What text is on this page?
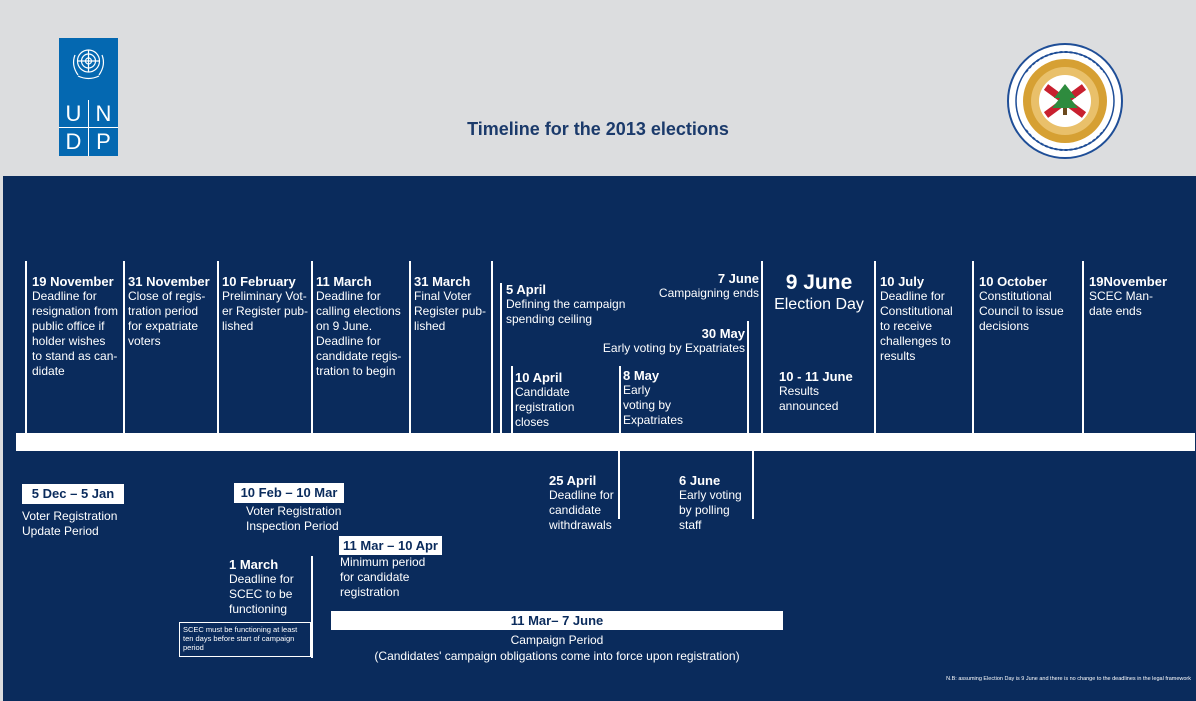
U N
D P	Timeline for the 2013 elections
19 November
Deadline for
resignation from
public office if
holder wishes
to stand as can-
didate
31 November
Close of regis-
tration period
for expatriate
voters
10 February
Preliminary Vot-
er Register pub-
lished
11 March
Deadline for
calling elections
on 9 June.
Deadline for
candidate regis-
tration to begin
31 March
Final Voter
Register pub-
lished
5 April
Defining the campaign
spending ceiling
10 April
Candidate
registration
closes
8 May
Early
voting by
Expatriates
30 May
Early voting by Expatriates
7 June
Campaigning ends	9 June
Election Day
10 - 11 June
Results
announced
10 July
Deadline for
Constitutional
to receive
challenges to
results
10 October
Constitutional
Council to issue
decisions
19November
SCEC Man-
date ends
25 April
Deadline for
candidate
withdrawals
6 June
Early voting
by polling
staff
1 March
Deadline for
SCEC to be
functioning
5 Dec – 5 Jan
Voter Registration
Update Period
10 Feb – 10 Mar
Voter Registration
Inspection Period
11 Mar – 10 Apr
Minimum period
for candidate
registration
11 Mar– 7 June
Campaign Period
(Candidates' campaign obligations come into force upon registration)
SCEC must be functioning at least ten days before start of campaign period
N.B: assuming Election Day is 9 June and there is no change to the deadlines in the legal framework
